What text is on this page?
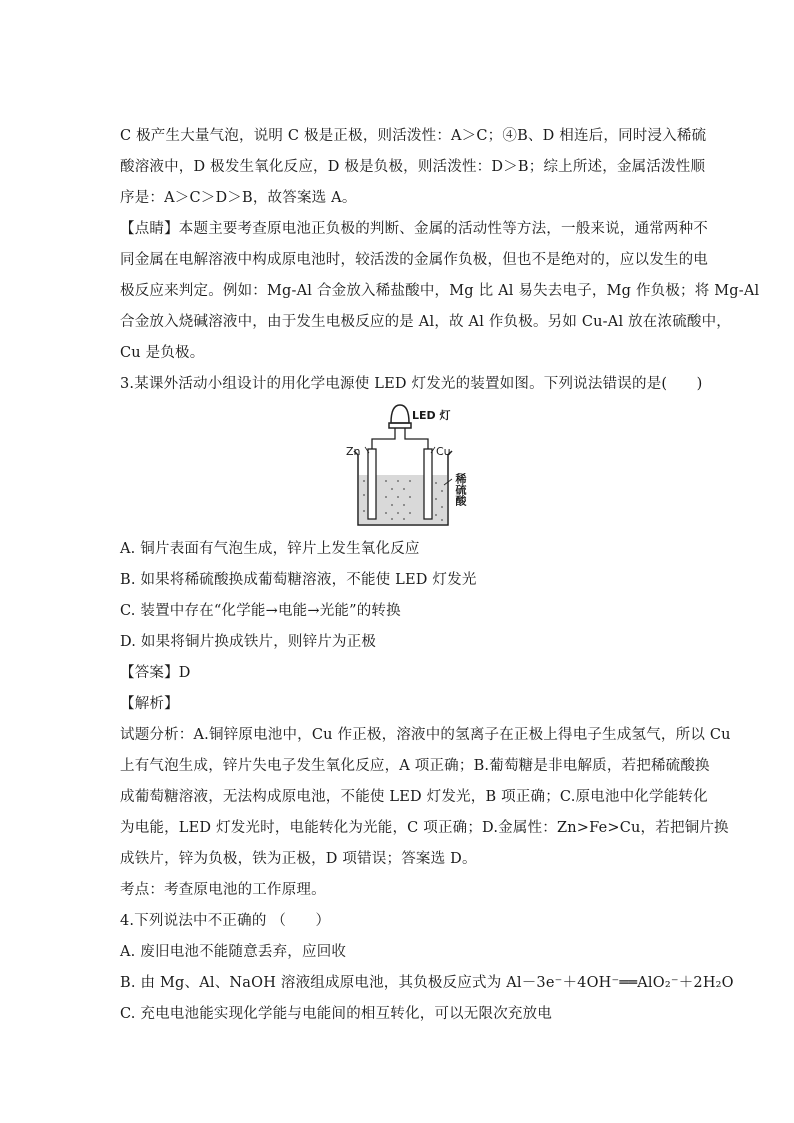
C 极产生大量气泡，说明 C 极是正极，则活泼性：A＞C；④B、D 相连后，同时浸入稀硫
酸溶液中，D 极发生氧化反应，D 极是负极，则活泼性：D＞B；综上所述，金属活泼性顺
序是：A＞C＞D＞B，故答案选 A。
【点睛】本题主要考查原电池正负极的判断、金属的活动性等方法，一般来说，通常两种不
同金属在电解溶液中构成原电池时，较活泼的金属作负极，但也不是绝对的，应以发生的电
极反应来判定。例如：Mg-Al 合金放入稀盐酸中，Mg 比 Al 易失去电子，Mg 作负极；将 Mg-Al
合金放入烧碱溶液中，由于发生电极反应的是 Al，故 Al 作负极。另如 Cu-Al 放在浓硫酸中，
Cu 是负极。
3.某课外活动小组设计的用化学电源使 LED 灯发光的装置如图。下列说法错误的是(　　)
LED 灯
Zn	Cu
稀硫酸
A. 铜片表面有气泡生成，锌片上发生氧化反应
B. 如果将稀硫酸换成葡萄糖溶液，不能使 LED 灯发光
C. 装置中存在“化学能→电能→光能”的转换
D. 如果将铜片换成铁片，则锌片为正极
【答案】D
【解析】
试题分析：A.铜锌原电池中，Cu 作正极，溶液中的氢离子在正极上得电子生成氢气，所以 Cu
上有气泡生成，锌片失电子发生氧化反应，A 项正确；B.葡萄糖是非电解质，若把稀硫酸换
成葡萄糖溶液，无法构成原电池，不能使 LED 灯发光，B 项正确；C.原电池中化学能转化
为电能，LED 灯发光时，电能转化为光能，C 项正确；D.金属性：Zn>Fe>Cu，若把铜片换
成铁片，锌为负极，铁为正极，D 项错误；答案选 D。
考点：考查原电池的工作原理。
4.下列说法中不正确的 （　　）
A. 废旧电池不能随意丢弃，应回收
B. 由 Mg、Al、NaOH 溶液组成原电池，其负极反应式为 Al－3e⁻＋4OH⁻══AlO₂⁻＋2H₂O
C. 充电电池能实现化学能与电能间的相互转化，可以无限次充放电
